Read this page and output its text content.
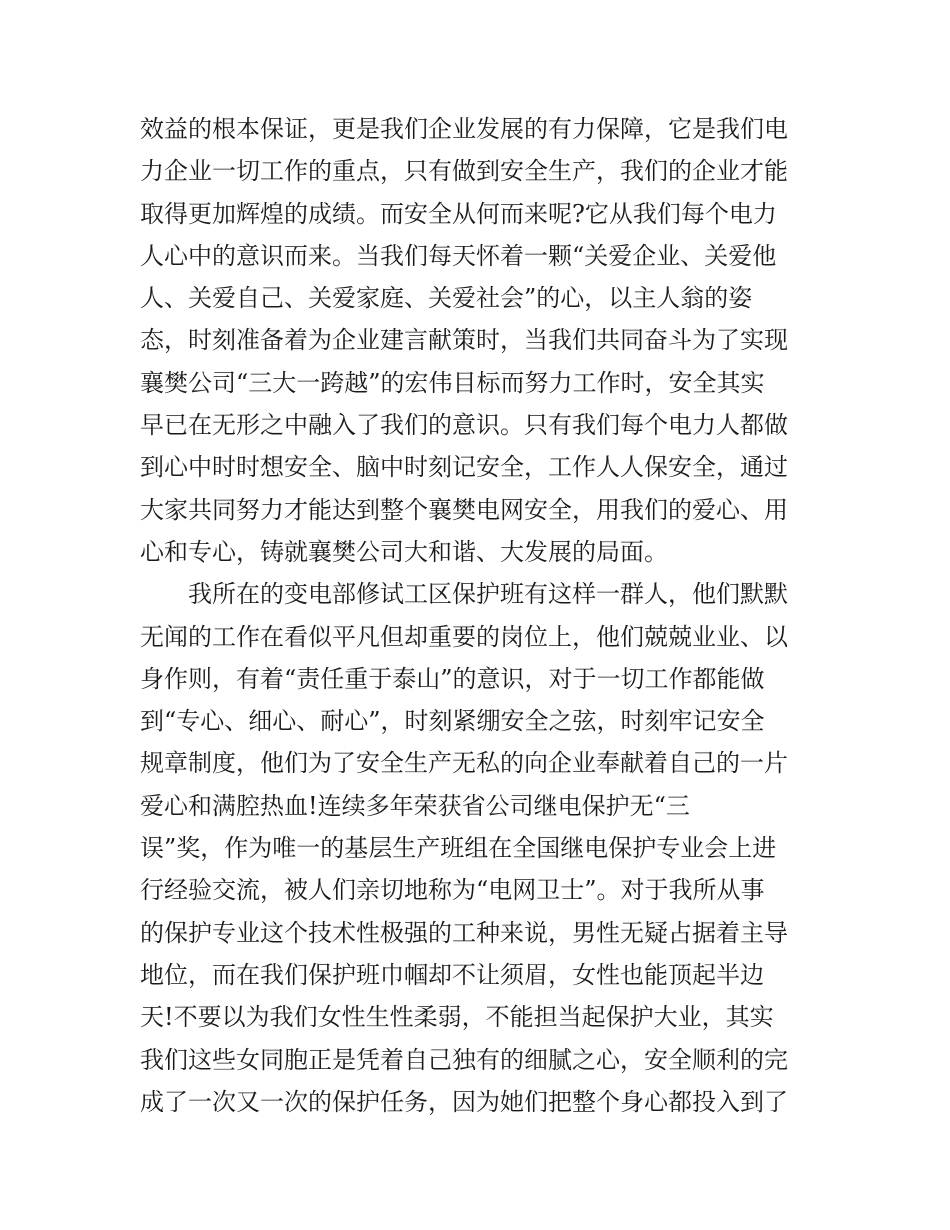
效益的根本保证，更是我们企业发展的有力保障，它是我们电
力企业一切工作的重点，只有做到安全生产，我们的企业才能
取得更加辉煌的成绩。而安全从何而来呢?它从我们每个电力
人心中的意识而来。当我们每天怀着一颗“关爱企业、关爱他
人、关爱自己、关爱家庭、关爱社会”的心，以主人翁的姿
态，时刻准备着为企业建言献策时，当我们共同奋斗为了实现
襄樊公司“三大一跨越”的宏伟目标而努力工作时，安全其实
早已在无形之中融入了我们的意识。只有我们每个电力人都做
到心中时时想安全、脑中时刻记安全，工作人人保安全，通过
大家共同努力才能达到整个襄樊电网安全，用我们的爱心、用
心和专心，铸就襄樊公司大和谐、大发展的局面。
　　我所在的变电部修试工区保护班有这样一群人，他们默默
无闻的工作在看似平凡但却重要的岗位上，他们兢兢业业、以
身作则，有着“责任重于泰山”的意识，对于一切工作都能做
到“专心、细心、耐心”，时刻紧绷安全之弦，时刻牢记安全
规章制度，他们为了安全生产无私的向企业奉献着自己的一片
爱心和满腔热血!连续多年荣获省公司继电保护无“三
误”奖，作为唯一的基层生产班组在全国继电保护专业会上进
行经验交流，被人们亲切地称为“电网卫士”。对于我所从事
的保护专业这个技术性极强的工种来说，男性无疑占据着主导
地位，而在我们保护班巾帼却不让须眉，女性也能顶起半边
天!不要以为我们女性生性柔弱，不能担当起保护大业，其实
我们这些女同胞正是凭着自己独有的细腻之心，安全顺利的完
成了一次又一次的保护任务，因为她们把整个身心都投入到了
